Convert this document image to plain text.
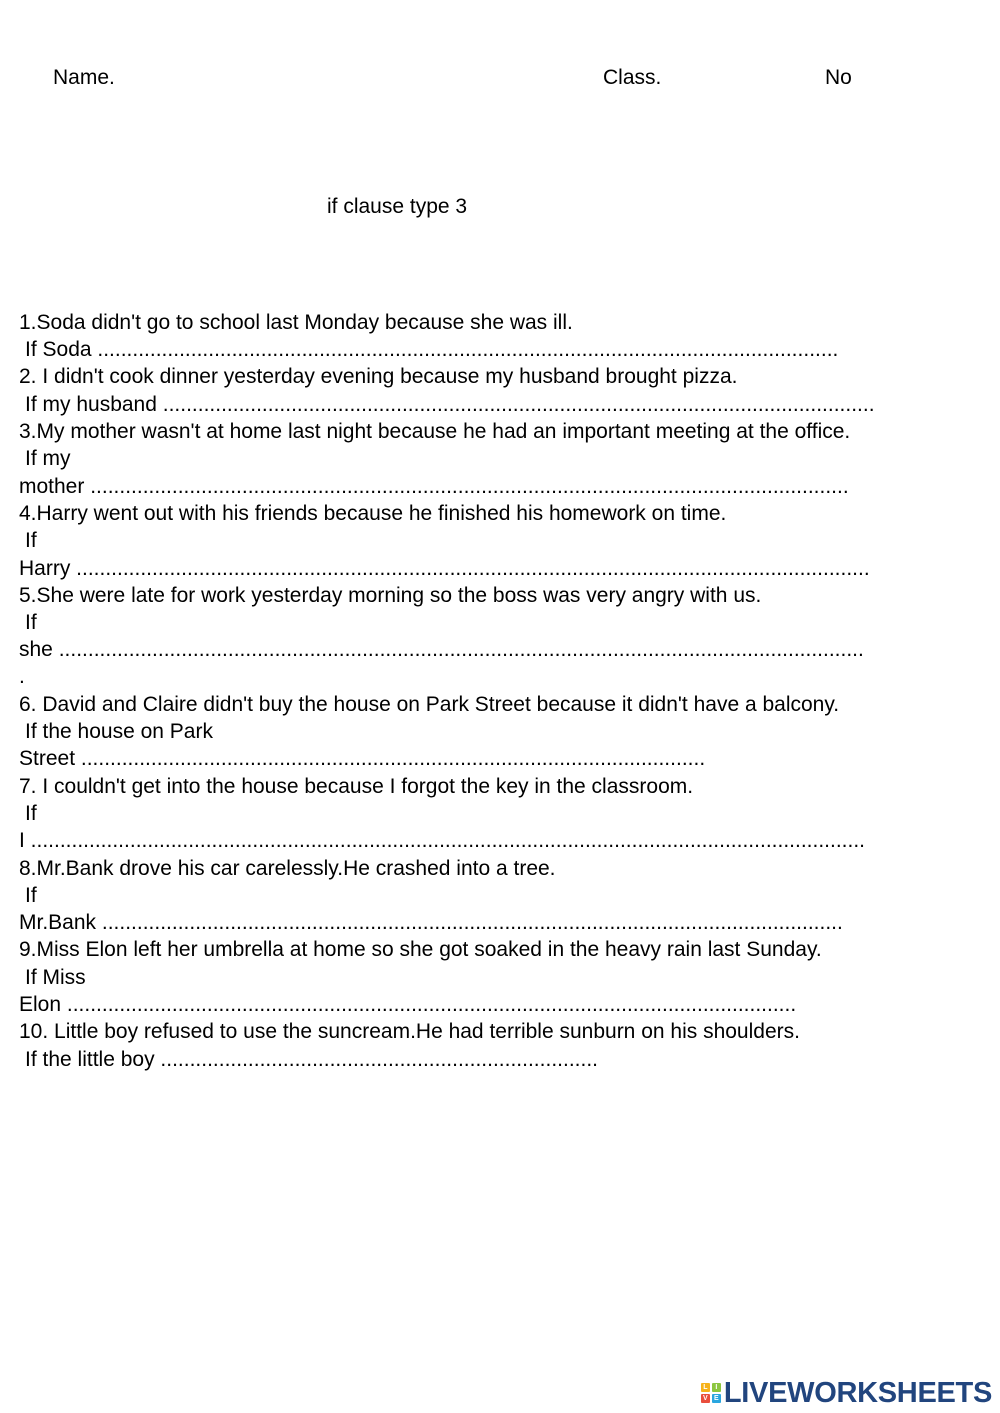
Name.	Class.	No
if clause type 3
1.Soda didn't go to school last Monday because she was ill.
If Soda ...............................................................................................................................
2. I didn't cook dinner yesterday evening because my husband brought pizza.
If my husband ..........................................................................................................................
3.My mother wasn't at home last night because he had an important meeting at the office.
If my
mother ..................................................................................................................................
4.Harry went out with his friends because he finished his homework on time.
If
Harry ........................................................................................................................................
5.She were late for work yesterday morning so the boss was very angry with us.
If
she ..........................................................................................................................................
.
6. David and Claire didn't buy the house on Park Street because it didn't have a balcony.
If the house on Park
Street ...........................................................................................................
7. I couldn't get into the house because I forgot the key in the classroom.
If
I ...............................................................................................................................................
8.Mr.Bank drove his car carelessly.He crashed into a tree.
If
Mr.Bank ...............................................................................................................................
9.Miss Elon left her umbrella at home so she got soaked in the heavy rain last Sunday.
If Miss
Elon .............................................................................................................................
10. Little boy refused to use the suncream.He had terrible sunburn on his shoulders.
If the little boy ...........................................................................
L	I
V E LIVEWORKSHEETS
